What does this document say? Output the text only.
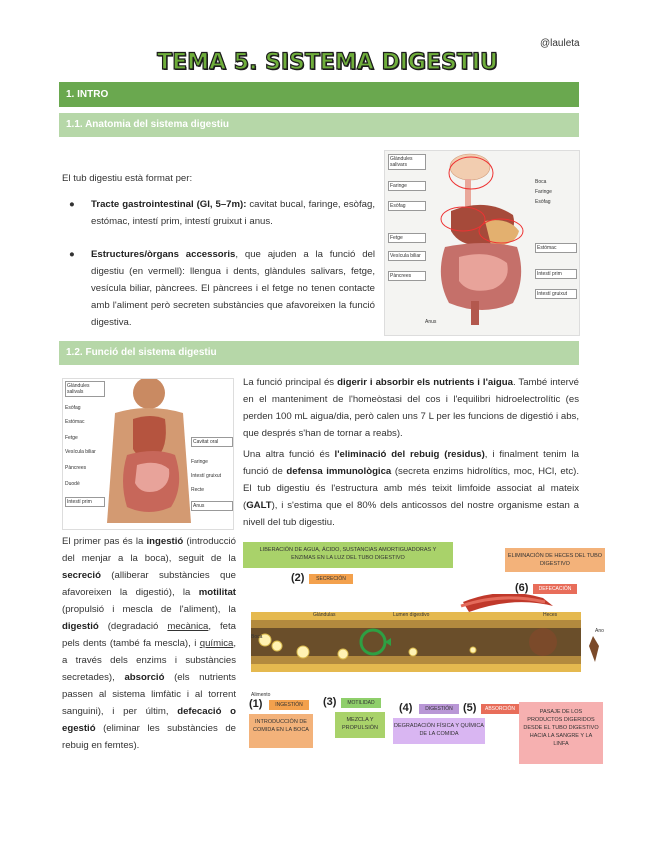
@lauleta
TEMA 5. SISTEMA DIGESTIU
1. INTRO
1.1. Anatomia del sistema digestiu
El tub digestiu està format per:
● Tracte gastrointestinal (GI, 5–7m): cavitat bucal, faringe, esòfag, estómac, intestí prim, intestí gruixut i anus.
● Estructures/òrgans accessoris, que ajuden a la funció del digestiu (en vermell): llengua i dents, glàndules salivars, fetge, vesícula biliar, pàncrees. El pàncrees i el fetge no tenen contacte amb l'aliment però secreten substàncies que afavoreixen la funció digestiva.
Glàndules salivars
Faringe
Esòfag
Fetge
Vesícula biliar
Pàncrees
Boca
Faringe
Esòfag
Estómac
Intestí prim
Intestí gruixut
Anus
1.2. Funció del sistema digestiu
Glàndules salivals
Esòfag
Estómac
Fetge
Vesícula biliar
Pàncrees
Duodè
Intestí prim
Cavitat oral
Faringe
Intestí gruixut
Recte
Anus
La funció principal és digerir i absorbir els nutrients i l'aigua. També intervé en el manteniment de l'homeòstasi del cos i l'equilibri hidroelectrolític (es perden 100 mL aigua/dia, però calen uns 7 L per les funcions de digestió i abs, que després s'han de tornar a reabs).
Una altra funció és l'eliminació del rebuig (residus), i finalment tenim la funció de defensa immunològica (secreta enzims hidrolítics, moc, HCl, etc). El tub digestiu és l'estructura amb més teixit limfoide associat al mateix (GALT), i s'estima que el 80% dels anticossos del nostre organisme estan a nivell del tub digestiu.
El primer pas és la ingestió (introducció del menjar a la boca), seguit de la secreció (alliberar substàncies que afavoreixen la digestió), la motilitat (propulsió i mescla de l'aliment), la digestió (degradació mecànica, feta pels dents (també fa mescla), i química, a través dels enzims i substàncies secretades), absorció (els nutrients passen al sistema limfàtic i al torrent sanguini), i per últim, defecació o egestió (eliminar les substàncies de rebuig en femtes).
LIBERACIÓN DE AGUA, ÁCIDO, SUSTANCIAS AMORTIGUADORAS Y ENZIMAS EN LA LUZ DEL TUBO DIGESTIVO
(2)	SECRECIÓN
ELIMINACIÓN DE HECES DEL TUBO DIGESTIVO
(6)	DEFECACIÓN
Boca
Alimento
Ano
Heces
Glándulas	Lumen digestivo
(1)	INGESTIÓN
INTRODUCCIÓN DE COMIDA EN LA BOCA
(3)	MOTILIDAD
MEZCLA Y PROPULSIÓN
(4)	DIGESTIÓN
DEGRADACIÓN FÍSICA Y QUÍMICA DE LA COMIDA
(5)	ABSORCIÓN	PASAJE DE LOS PRODUCTOS DIGERIDOS DESDE EL TUBO DIGESTIVO HACIA LA SANGRE Y LA LINFA
